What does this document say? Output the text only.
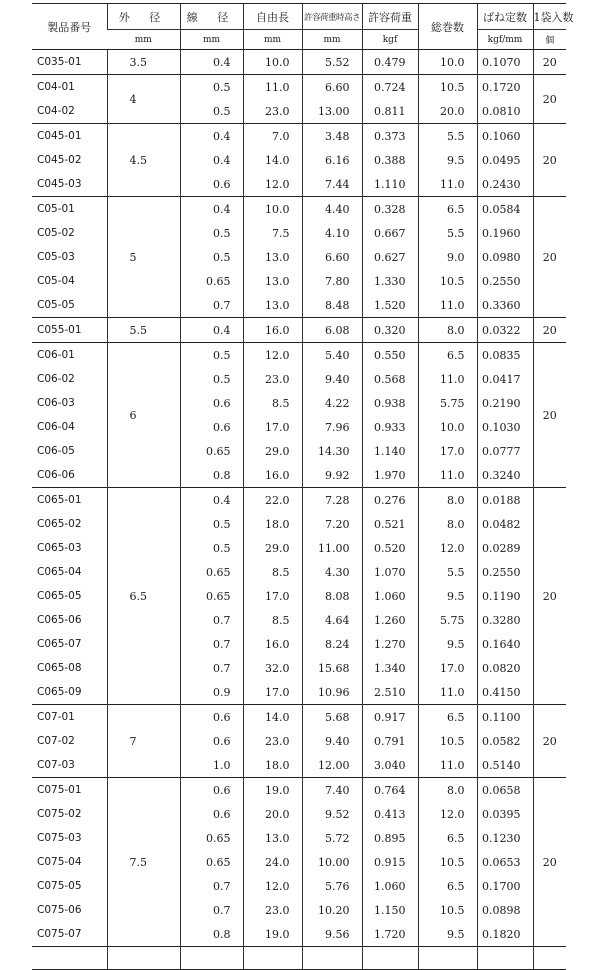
製品番号	外 径	線 径	自由長	許容荷重時高さ	許容荷重	総巻数	ばね定数	1袋入数
	mm	mm	mm	mm	kgf		kgf/mm	個
C035-01	3.5	0.4	10.0	5.52	0.479	10.0	0.1070	20
C04-01	4	0.5	11.0	6.60	0.724	10.5	0.1720	20
C04-02		0.5	23.0	13.00	0.811	20.0	0.0810	
C045-01	4.5	0.4	7.0	3.48	0.373	5.5	0.1060	20
C045-02		0.4	14.0	6.16	0.388	9.5	0.0495	
C045-03		0.6	12.0	7.44	1.110	11.0	0.2430	
C05-01	5	0.4	10.0	4.40	0.328	6.5	0.0584	20
C05-02		0.5	7.5	4.10	0.667	5.5	0.1960	
C05-03		0.5	13.0	6.60	0.627	9.0	0.0980	
C05-04		0.65	13.0	7.80	1.330	10.5	0.2550	
C05-05		0.7	13.0	8.48	1.520	11.0	0.3360	
C055-01	5.5	0.4	16.0	6.08	0.320	8.0	0.0322	20
C06-01	6	0.5	12.0	5.40	0.550	6.5	0.0835	20
C06-02		0.5	23.0	9.40	0.568	11.0	0.0417	
C06-03		0.6	8.5	4.22	0.938	5.75	0.2190	
C06-04		0.6	17.0	7.96	0.933	10.0	0.1030	
C06-05		0.65	29.0	14.30	1.140	17.0	0.0777	
C06-06		0.8	16.0	9.92	1.970	11.0	0.3240	
C065-01	6.5	0.4	22.0	7.28	0.276	8.0	0.0188	20
C065-02		0.5	18.0	7.20	0.521	8.0	0.0482	
C065-03		0.5	29.0	11.00	0.520	12.0	0.0289	
C065-04		0.65	8.5	4.30	1.070	5.5	0.2550	
C065-05		0.65	17.0	8.08	1.060	9.5	0.1190	
C065-06		0.7	8.5	4.64	1.260	5.75	0.3280	
C065-07		0.7	16.0	8.24	1.270	9.5	0.1640	
C065-08		0.7	32.0	15.68	1.340	17.0	0.0820	
C065-09		0.9	17.0	10.96	2.510	11.0	0.4150	
C07-01	7	0.6	14.0	5.68	0.917	6.5	0.1100	20
C07-02		0.6	23.0	9.40	0.791	10.5	0.0582	
C07-03		1.0	18.0	12.00	3.040	11.0	0.5140	
C075-01	7.5	0.6	19.0	7.40	0.764	8.0	0.0658	20
C075-02		0.6	20.0	9.52	0.413	12.0	0.0395	
C075-03		0.65	13.0	5.72	0.895	6.5	0.1230	
C075-04		0.65	24.0	10.00	0.915	10.5	0.0653	
C075-05		0.7	12.0	5.76	1.060	6.5	0.1700	
C075-06		0.7	23.0	10.20	1.150	10.5	0.0898	
C075-07		0.8	19.0	9.56	1.720	9.5	0.1820	
